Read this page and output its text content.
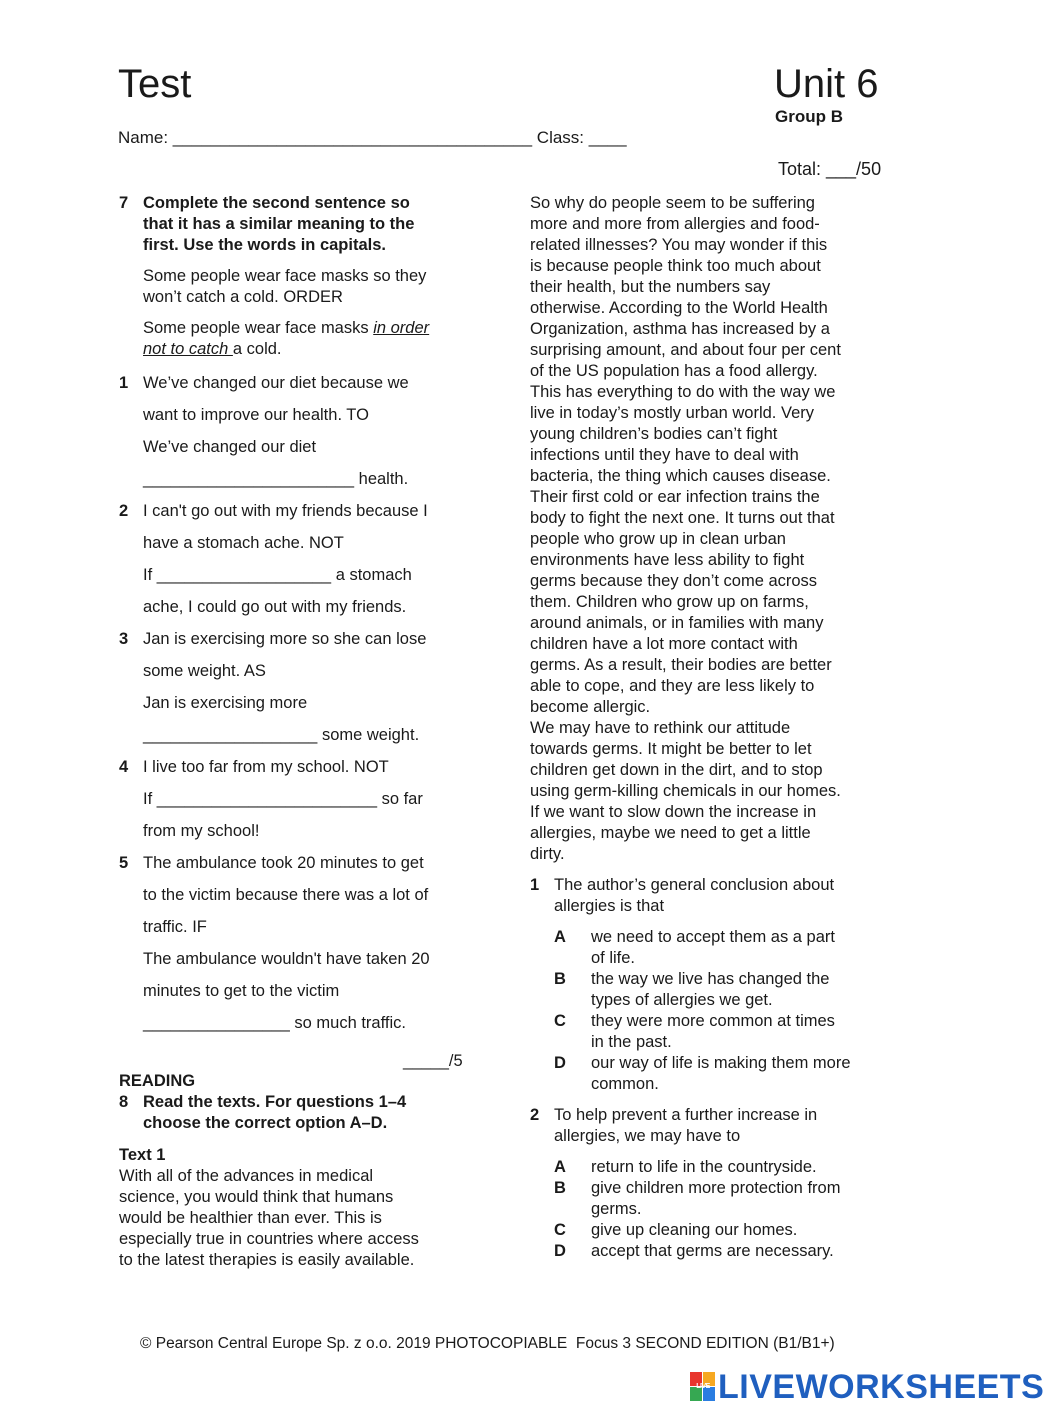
Test	Unit 6
Group B
Name: ______________________________________ Class: ____
Total: ___/50
7 Complete the second sentence so
that it has a similar meaning to the
first. Use the words in capitals.
Some people wear face masks so they
won’t catch a cold. ORDER
Some people wear face masks in order
not to catch a cold.
1 We’ve changed our diet because we
want to improve our health. TO
We’ve changed our diet
_______________________ health.
2 I can't go out with my friends because I
have a stomach ache. NOT
If ___________________ a stomach
ache, I could go out with my friends.
3 Jan is exercising more so she can lose
some weight. AS
Jan is exercising more
___________________ some weight.
4 I live too far from my school. NOT
If ________________________ so far
from my school!
5 The ambulance took 20 minutes to get
to the victim because there was a lot of
traffic. IF
The ambulance wouldn't have taken 20
minutes to get to the victim
________________ so much traffic.
_____/5
READING
8 Read the texts. For questions 1–4
choose the correct option A–D.
Text 1
With all of the advances in medical
science, you would think that humans
would be healthier than ever. This is
especially true in countries where access
to the latest therapies is easily available.
So why do people seem to be suffering
more and more from allergies and food-
related illnesses? You may wonder if this
is because people think too much about
their health, but the numbers say
otherwise. According to the World Health
Organization, asthma has increased by a
surprising amount, and about four per cent
of the US population has a food allergy.
This has everything to do with the way we
live in today’s mostly urban world. Very
young children’s bodies can’t fight
infections until they have to deal with
bacteria, the thing which causes disease.
Their first cold or ear infection trains the
body to fight the next one. It turns out that
people who grow up in clean urban
environments have less ability to fight
germs because they don’t come across
them. Children who grow up on farms,
around animals, or in families with many
children have a lot more contact with
germs. As a result, their bodies are better
able to cope, and they are less likely to
become allergic.
We may have to rethink our attitude
towards germs. It might be better to let
children get down in the dirt, and to stop
using germ-killing chemicals in our homes.
If we want to slow down the increase in
allergies, maybe we need to get a little
dirty.
1 The author’s general conclusion about
allergies is that
A we need to accept them as a part
of life.
B the way we live has changed the
types of allergies we get.
C they were more common at times
in the past.
D our way of life is making them more
common.
2 To help prevent a further increase in
allergies, we may have to
A return to life in the countryside.
B give children more protection from
germs.
C give up cleaning our homes.
D accept that germs are necessary.
© Pearson Central Europe Sp. z o.o. 2019 PHOTOCOPIABLE  Focus 3 SECOND EDITION (B1/B1+)
LIVE LIVEWORKSHEETS
